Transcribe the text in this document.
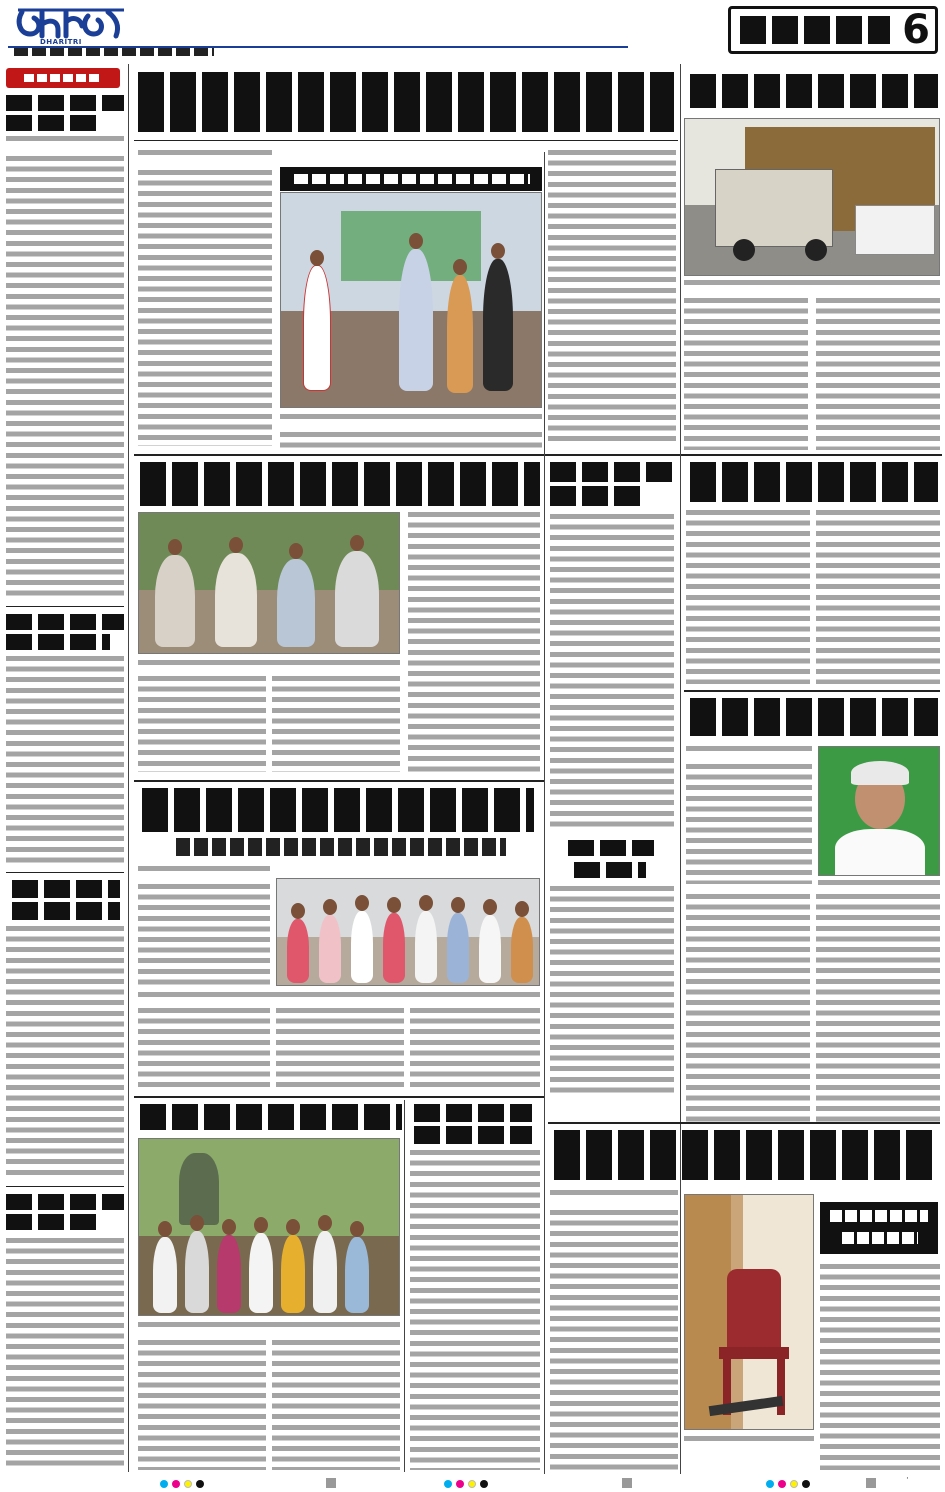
DHARITRI	6
·
